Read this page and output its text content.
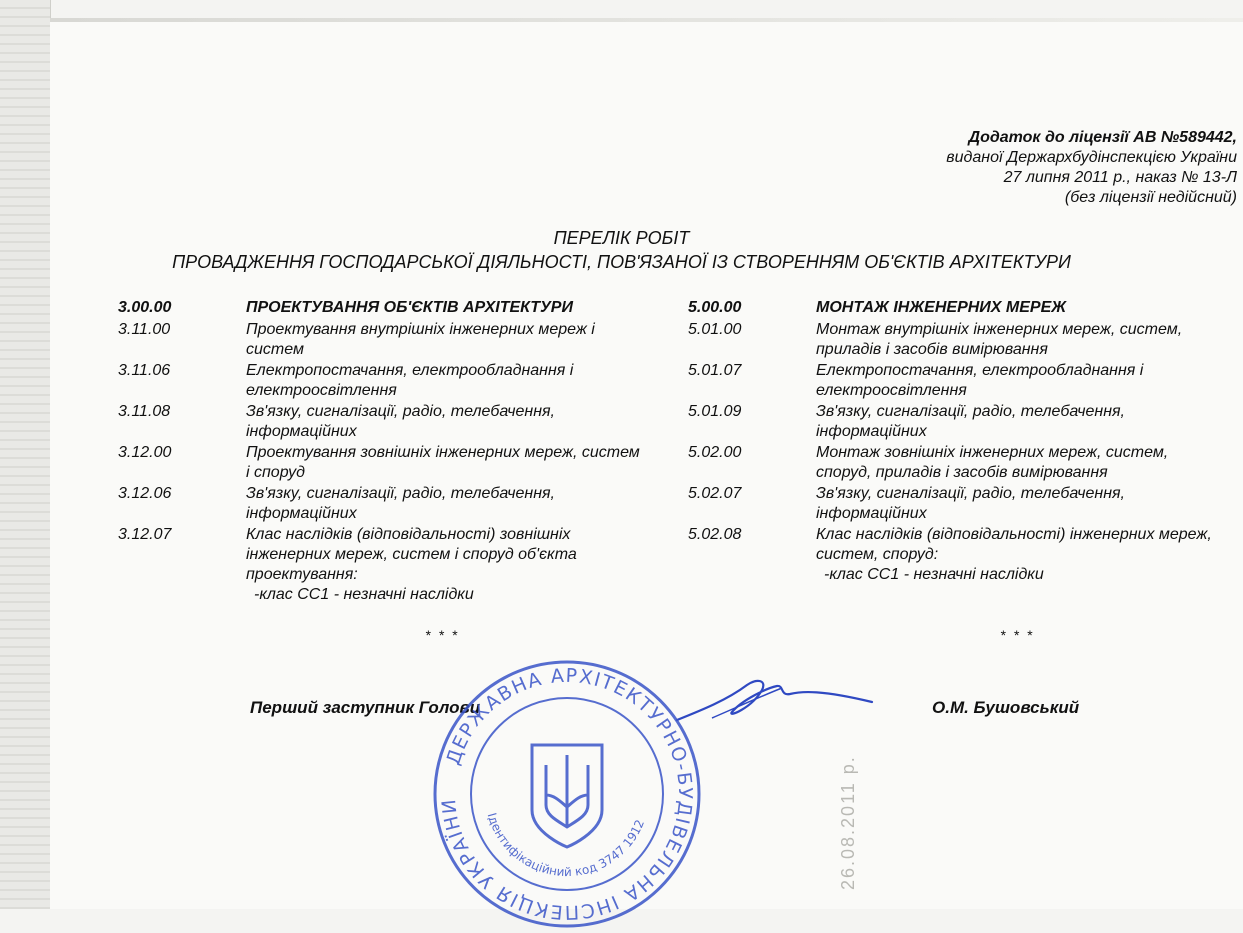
Додаток до ліцензії АВ №589442,
виданої Держархбудінспекцією України
27 липня 2011 р., наказ № 13-Л
(без ліцензії недійсний)
ПЕРЕЛІК РОБІТ
ПРОВАДЖЕННЯ ГОСПОДАРСЬКОЇ ДІЯЛЬНОСТІ, ПОВ'ЯЗАНОЇ ІЗ СТВОРЕННЯМ ОБ'ЄКТІВ АРХІТЕКТУРИ
3.00.00	ПРОЕКТУВАННЯ ОБ'ЄКТІВ АРХІТЕКТУРИ
3.11.00	Проектування внутрішніх інженерних мереж і систем
3.11.06	Електропостачання, електрообладнання і електроосвітлення
3.11.08	Зв'язку, сигналізації, радіо, телебачення, інформаційних
3.12.00	Проектування зовнішніх інженерних мереж, систем і споруд
3.12.06	Зв'язку, сигналізації, радіо, телебачення, інформаційних
3.12.07	Клас наслідків (відповідальності) зовнішніх інженерних мереж, систем і споруд об'єкта проектування:
-клас СС1 - незначні наслідки
5.00.00	МОНТАЖ ІНЖЕНЕРНИХ МЕРЕЖ
5.01.00	Монтаж внутрішніх інженерних мереж, систем, приладів і засобів вимірювання
5.01.07	Електропостачання, електрообладнання і електроосвітлення
5.01.09	Зв'язку, сигналізації, радіо, телебачення, інформаційних
5.02.00	Монтаж зовнішніх інженерних мереж, систем, споруд, приладів і засобів вимірювання
5.02.07	Зв'язку, сигналізації, радіо, телебачення, інформаційних
5.02.08	Клас наслідків (відповідальності) інженерних мереж, систем, споруд:
-клас СС1 - незначні наслідки
* * *	* * *
Перший заступник Голови	О.М. Бушовський
ДЕРЖАВНА АРХІТЕКТУРНО-БУДІВЕЛЬНА ІНСПЕКЦІЯ УКРАЇНИ
Ідентифікаційний код 3747 1912	26.08.2011 р.
